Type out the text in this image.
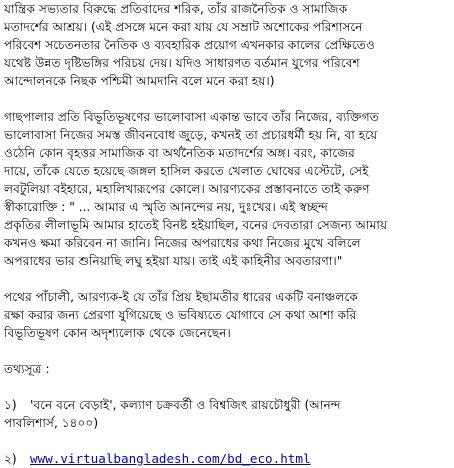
যান্ত্রিক সভ্যতার বিরুদ্ধে প্রতিবাদের শরিক, তাঁর রাজনৈতিক ও সামাজিক

মতাদর্শের আশ্রয়। (এই প্রসঙ্গে মনে করা যায় যে সম্রাট অশোকের পরিশাসনে

পরিবেশ সচেতনতার নৈতিক ও ব্যবহারিক প্রয়োগ এখনকার কালের প্রেক্ষিতেও

যথেষ্ট উন্নত দৃষ্টিভঙ্গির পরিচয় দেয়। যদিও সাধারণত বর্তমান যুগের পরিবেশ

আন্দোলনকে নিছক পশ্চিমী আমদানি বলে মনে করা হয়।)

গাছপালার প্রতি বিভূতিভূষণের ভালোবাসা একান্ত ভাবে তাঁর নিজের, ব্যক্তিগত

ভালোবাসা নিজের সমস্ত জীবনবোধ জুড়ে, কখনই তা প্রচারধর্মী হয় নি, বা হয়ে

ওঠেনি কোন বৃহত্তর সামাজিক বা অর্থনৈতিক মতাদর্শের অঙ্গ। বরং, কাজের

দায়ে, তাঁকে যেতে হয়েছে জঙ্গল হাসিল করতে খেলাত ঘোষের এস্টেটে, সেই

লবটুলিয়া বইহারে, মহালিখারূপের কোলে। আরণ্যকের প্রস্তাবনাতে তাই করুণ

স্বীকারোক্তি : " ... আমার এ স্মৃতি আনন্দের নয়, দুঃখের। এই স্বচ্ছন্দ

প্রকৃতির লীলাভূমি আমার হাতেই বিনষ্ট হইয়াছিল, বনের দেবতারা সেজন্য আমায়

কখনও ক্ষমা করিবেন না জানি। নিজের অপরাধের কথা নিজের মুখে বলিলে

অপরাধের ভার শুনিয়াছি লঘু হইয়া যায়। তাই এই কাহিনীর অবতারণা।"

পথের পাঁচালী, আরণ্যক-ই যে তাঁর প্রিয় ইছামতীর ধারের একটি বনাঞ্চলকে

রক্ষা করার জন্য প্রেরণা যুগিয়েছে ও ভবিষ্যতে যোগাবে সে কথা আশা করি

বিভূতিভূষণ কোন অদৃশ্যলোক থেকে জেনেছেন।

তথ্যসূত্র :

১) 'বনে বনে বেড়াই', কল্যাণ চক্রবর্তী ও বিশ্বজিৎ রায়চৌধুরী (আনন্দ

পাবলিশার্স, ১৪০০)

২) www.virtualbangladesh.com/bd_eco.html
